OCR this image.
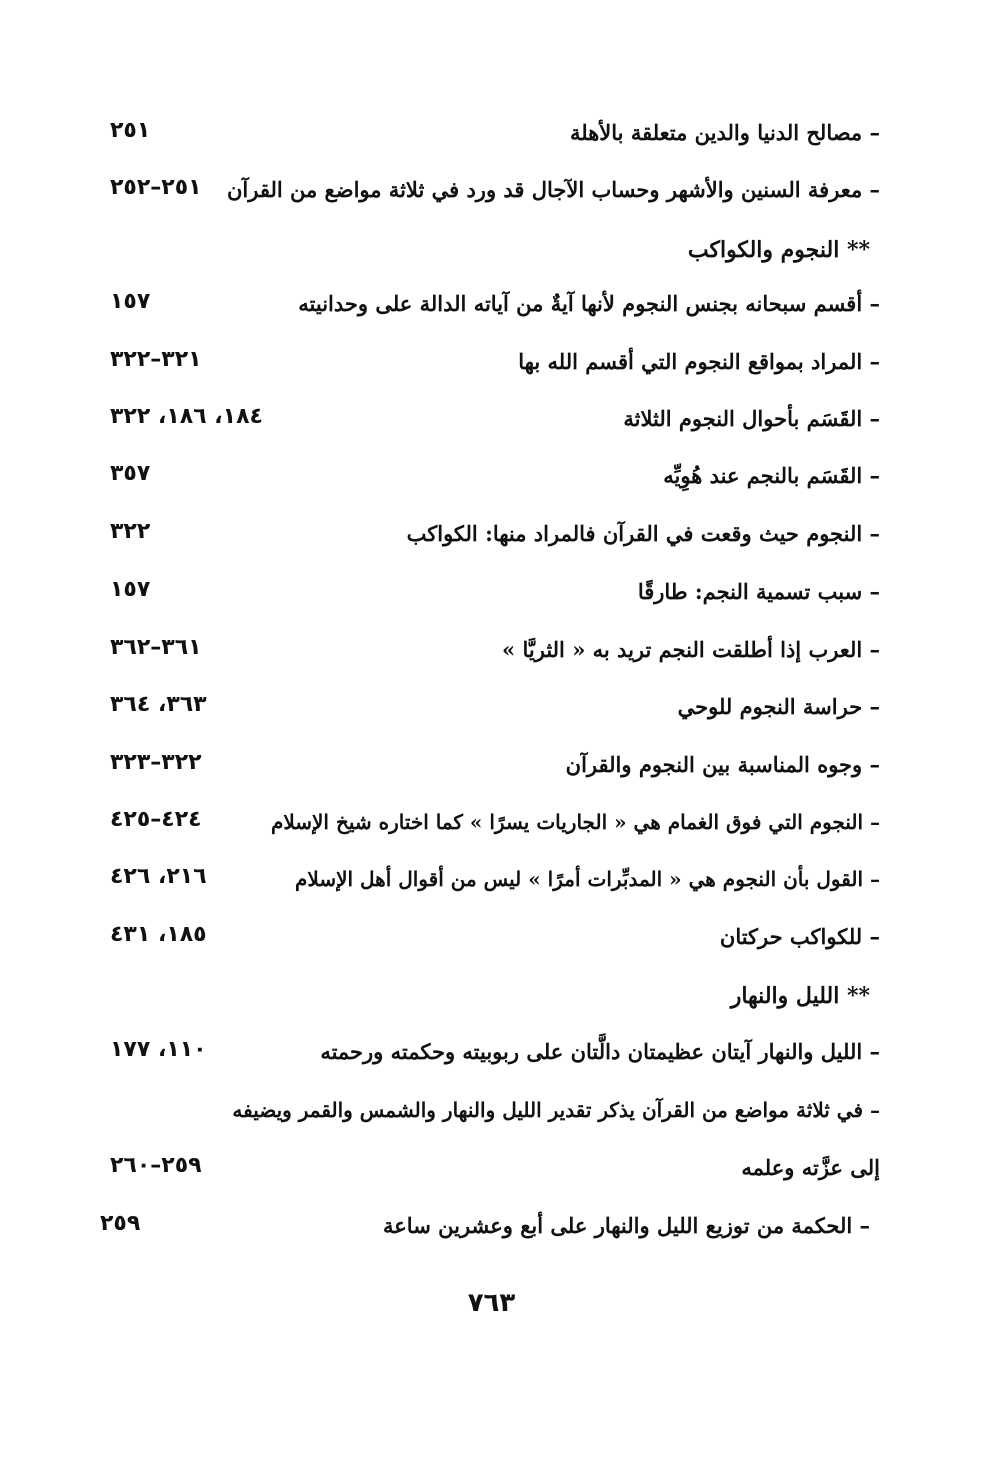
– مصالح الدنيا والدين متعلقة بالأهلة
٢٥١
– معرفة السنين والأشهر وحساب الآجال قد ورد في ثلاثة مواضع من القرآن
٢٥١–٢٥٢
** النجوم والكواكب
– أقسم سبحانه بجنس النجوم لأنها آيةٌ من آياته الدالة على وحدانيته
١٥٧
– المراد بمواقع النجوم التي أقسم الله بها
٣٢١–٣٢٢
– القَسَم بأحوال النجوم الثلاثة
١٨٤، ١٨٦، ٣٢٢
– القَسَم بالنجم عند هُوِيِّه
٣٥٧
– النجوم حيث وقعت في القرآن فالمراد منها: الكواكب
٣٢٢
– سبب تسمية النجم: طارقًا
١٥٧
– العرب إذا أطلقت النجم تريد به « الثريَّا »
٣٦١–٣٦٢
– حراسة النجوم للوحي
٣٦٣، ٣٦٤
– وجوه المناسبة بين النجوم والقرآن
٣٢٢–٣٢٣
– النجوم التي فوق الغمام هي « الجاريات يسرًا » كما اختاره شيخ الإسلام
٤٢٤–٤٢٥
– القول بأن النجوم هي « المدبِّرات أمرًا » ليس من أقوال أهل الإسلام
٢١٦، ٤٢٦
– للكواكب حركتان
١٨٥، ٤٣١
** الليل والنهار
– الليل والنهار آيتان عظيمتان دالَّتان على ربوبيته وحكمته ورحمته
١١٠، ١٧٧
– في ثلاثة مواضع من القرآن يذكر تقدير الليل والنهار والشمس والقمر ويضيفه
إلى عزَّته وعلمه
٢٥٩–٢٦٠
– الحكمة من توزيع الليل والنهار على أبع وعشرين ساعة
٢٥٩
٧٦٣
